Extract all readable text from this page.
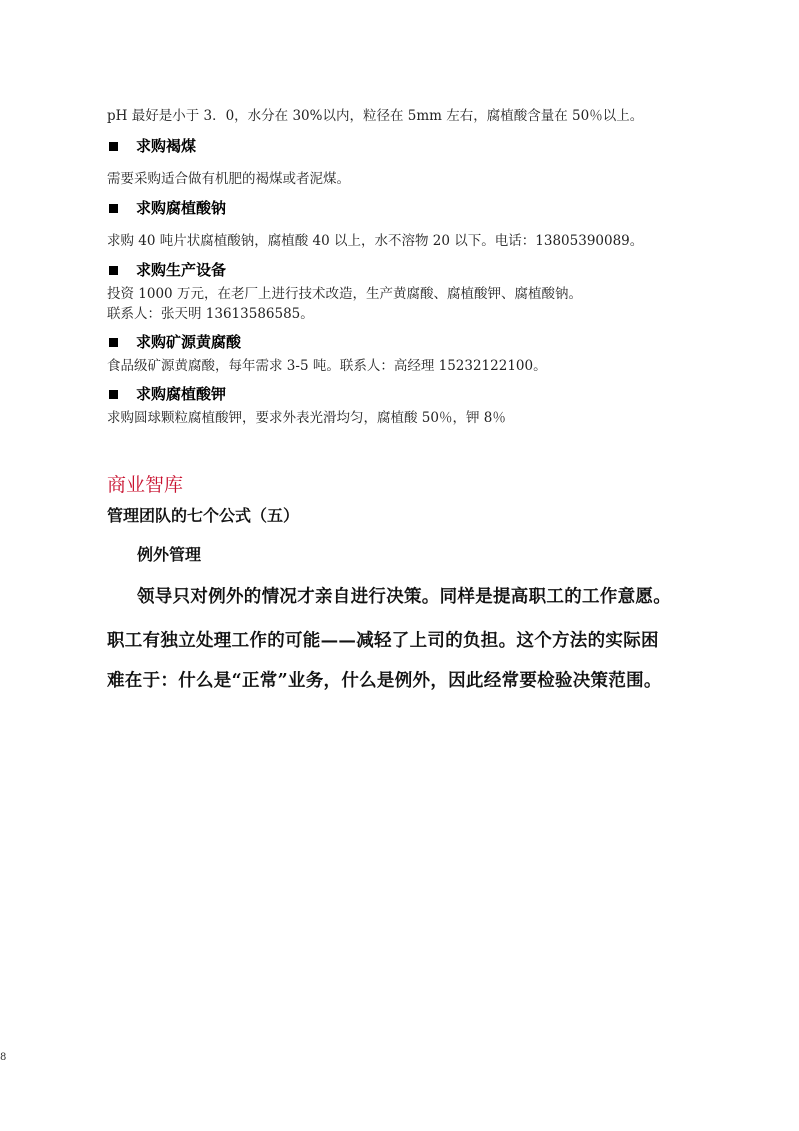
pH 最好是小于 3．0，水分在 30%以内，粒径在 5mm 左右，腐植酸含量在 50％以上。
求购褐煤
需要采购适合做有机肥的褐煤或者泥煤。
求购腐植酸钠
求购 40 吨片状腐植酸钠，腐植酸 40 以上，水不溶物 20 以下。电话：13805390089。
求购生产设备
投资 1000 万元，在老厂上进行技术改造，生产黄腐酸、腐植酸钾、腐植酸钠。
联系人：张天明 13613586585。
求购矿源黄腐酸
食品级矿源黄腐酸，每年需求 3-5 吨。联系人：高经理 15232122100。
求购腐植酸钾
求购圆球颗粒腐植酸钾，要求外表光滑均匀，腐植酸 50％，钾 8％
商业智库
管理团队的七个公式（五）
例外管理
领导只对例外的情况才亲自进行决策。同样是提高职工的工作意愿。
职工有独立处理工作的可能——减轻了上司的负担。这个方法的实际困
难在于：什么是“正常”业务，什么是例外，因此经常要检验决策范围。
8
